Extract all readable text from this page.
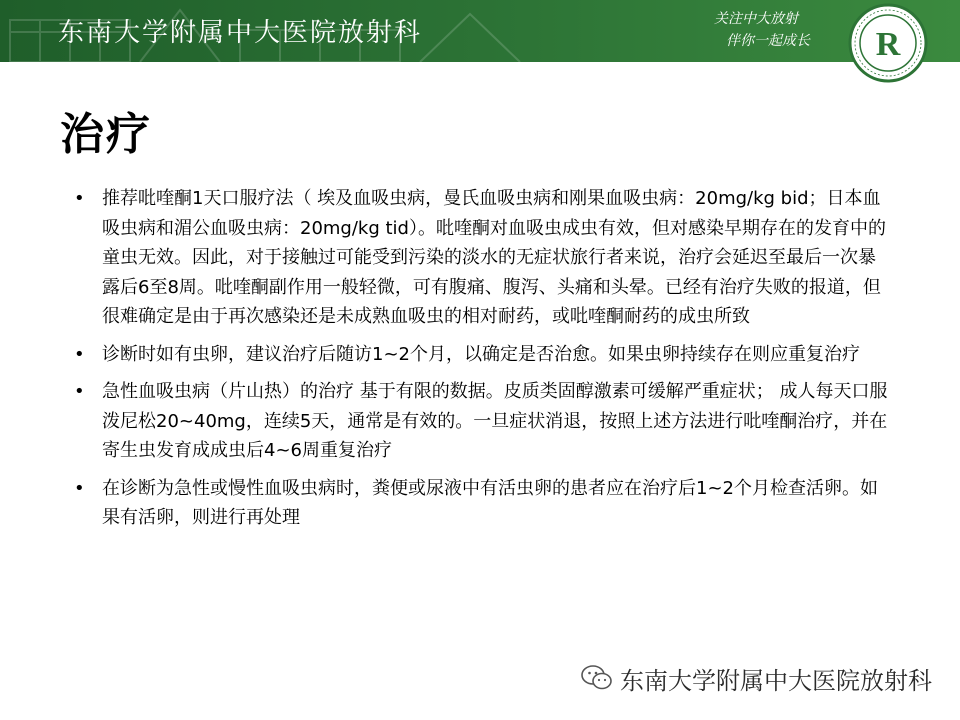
东南大学附属中大医院放射科	关注中大放射
伴你一起成长	R
治疗
• 推荐吡喹酮1天口服疗法（ 埃及血吸虫病，曼氏血吸虫病和刚果血吸虫病：20mg/kg bid；日本血吸虫病和湄公血吸虫病：20mg/kg tid）。吡喹酮对血吸虫成虫有效，但对感染早期存在的发育中的童虫无效。因此，对于接触过可能受到污染的淡水的无症状旅行者来说，治疗会延迟至最后一次暴露后6至8周。吡喹酮副作用一般轻微，可有腹痛、腹泻、头痛和头晕。已经有治疗失败的报道，但很难确定是由于再次感染还是未成熟血吸虫的相对耐药，或吡喹酮耐药的成虫所致
• 诊断时如有虫卵，建议治疗后随访1~2个月，以确定是否治愈。如果虫卵持续存在则应重复治疗
• 急性血吸虫病（片山热）的治疗 基于有限的数据。皮质类固醇激素可缓解严重症状； 成人每天口服泼尼松20~40mg，连续5天，通常是有效的。一旦症状消退，按照上述方法进行吡喹酮治疗，并在寄生虫发育成成虫后4~6周重复治疗
• 在诊断为急性或慢性血吸虫病时，粪便或尿液中有活虫卵的患者应在治疗后1~2个月检查活卵。如果有活卵，则进行再处理
东南大学附属中大医院放射科
